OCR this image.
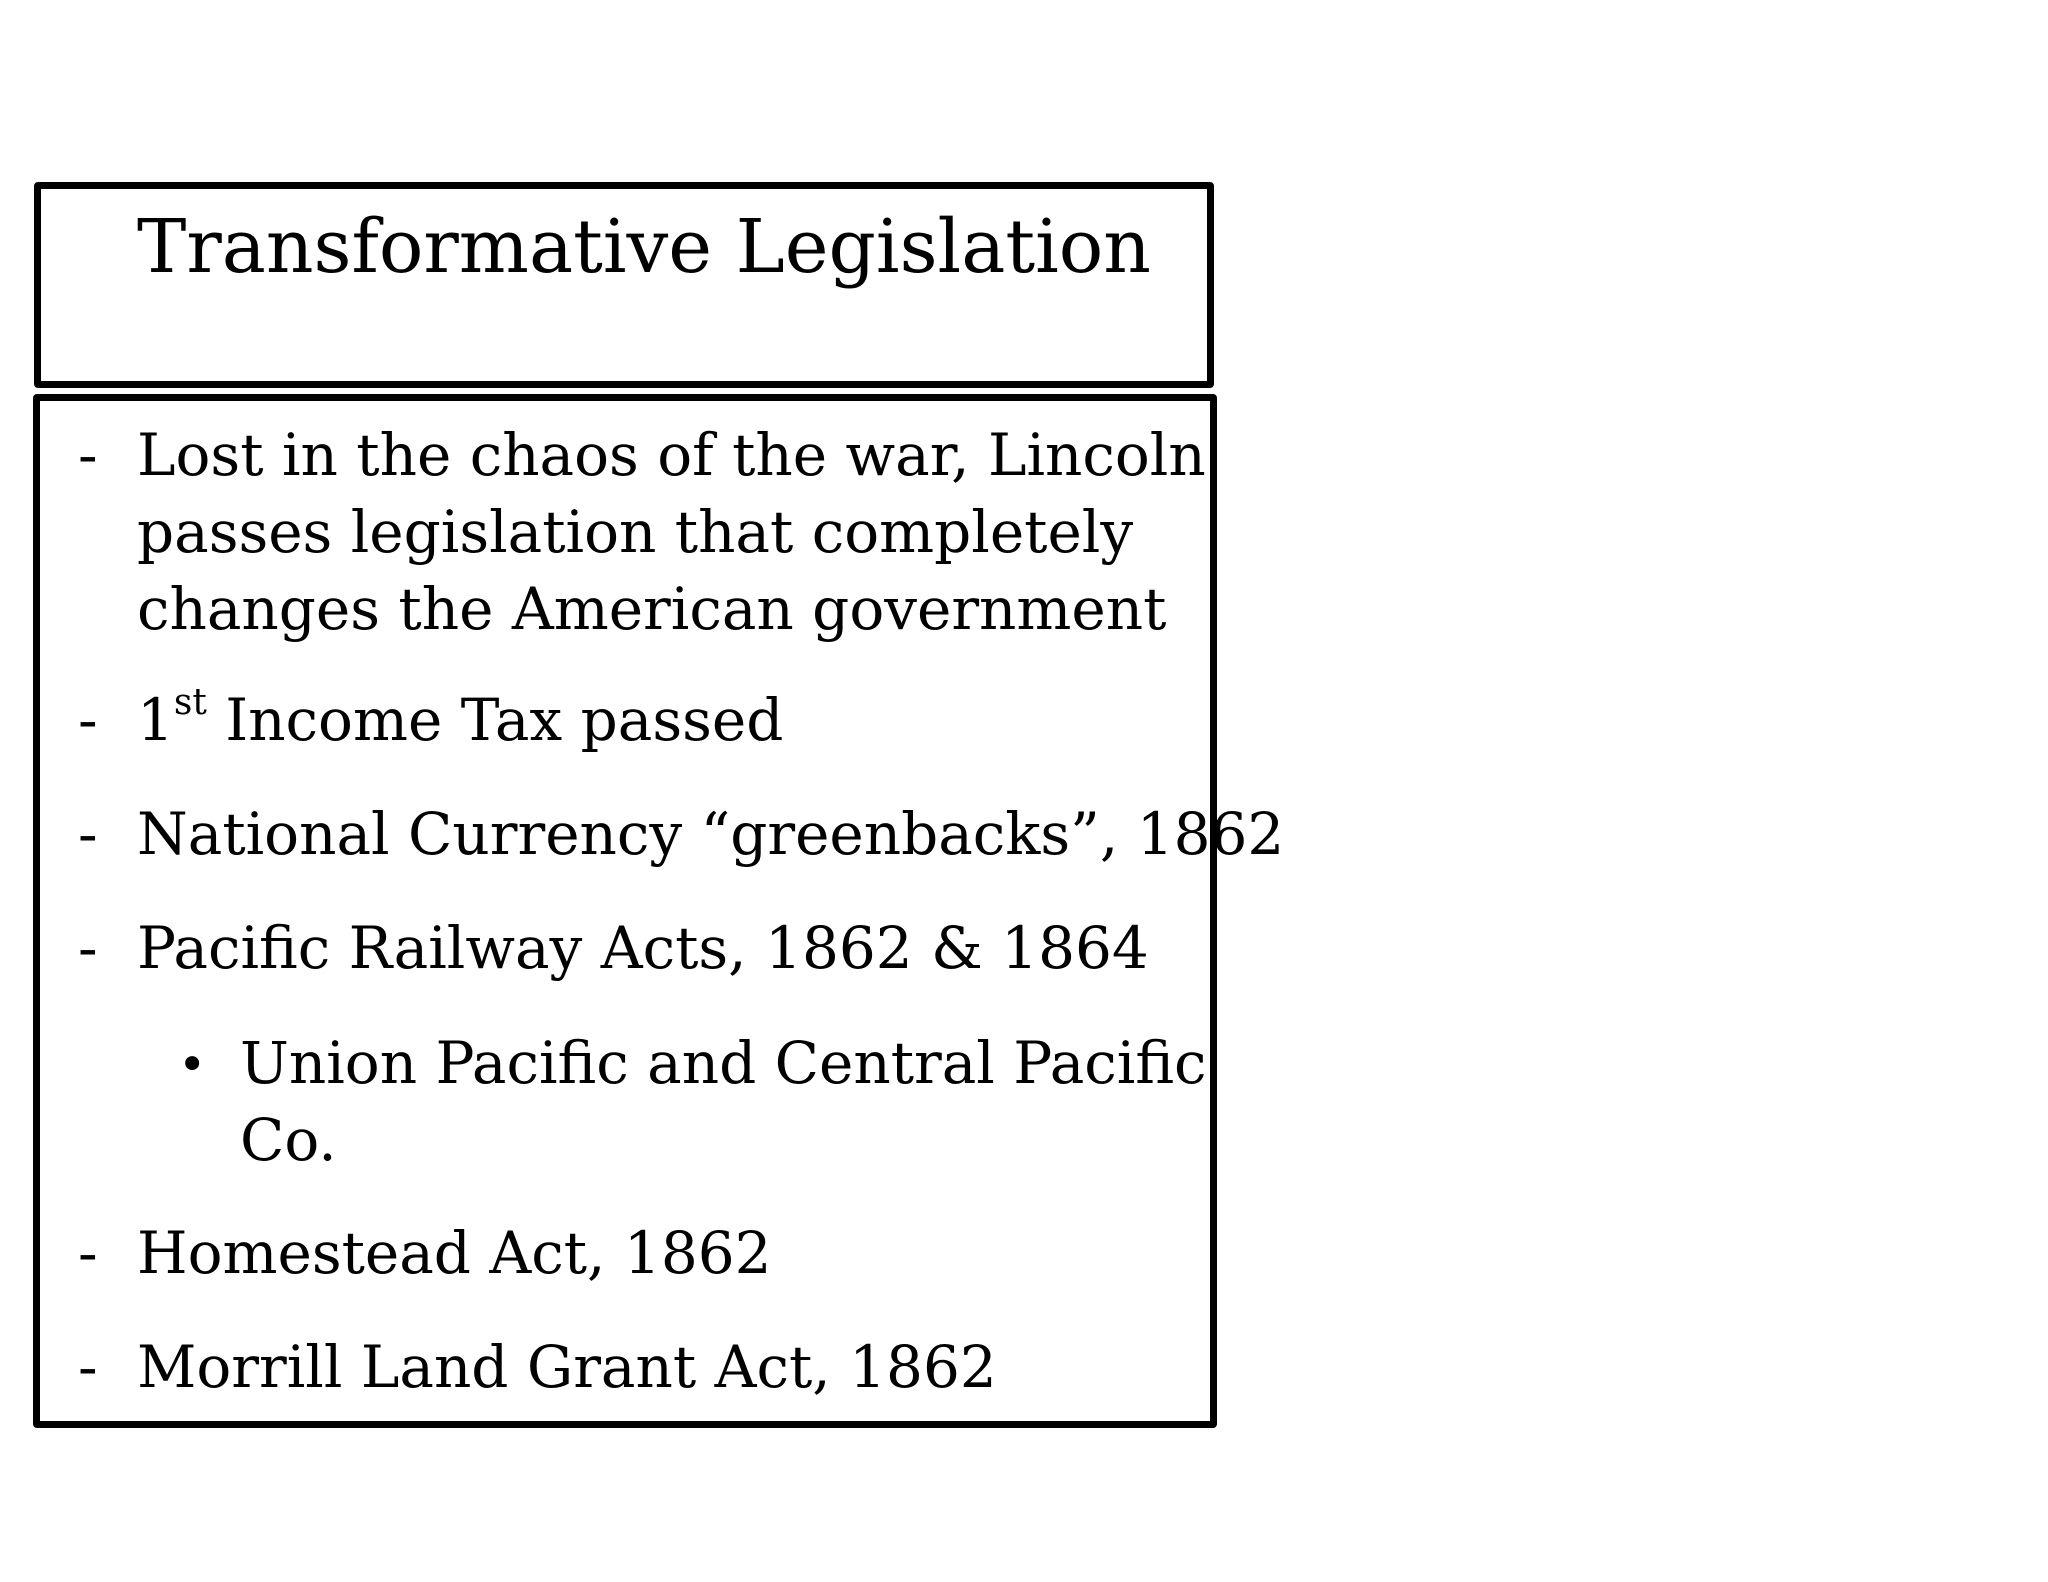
Transformative Legislation
- Lost in the chaos of the war, Lincoln
passes legislation that completely
changes the American government
- 1st Income Tax passed
- National Currency “greenbacks”, 1862
- Pacific Railway Acts, 1862 & 1864
• Union Pacific and Central Pacific
Co.
- Homestead Act, 1862
- Morrill Land Grant Act, 1862
